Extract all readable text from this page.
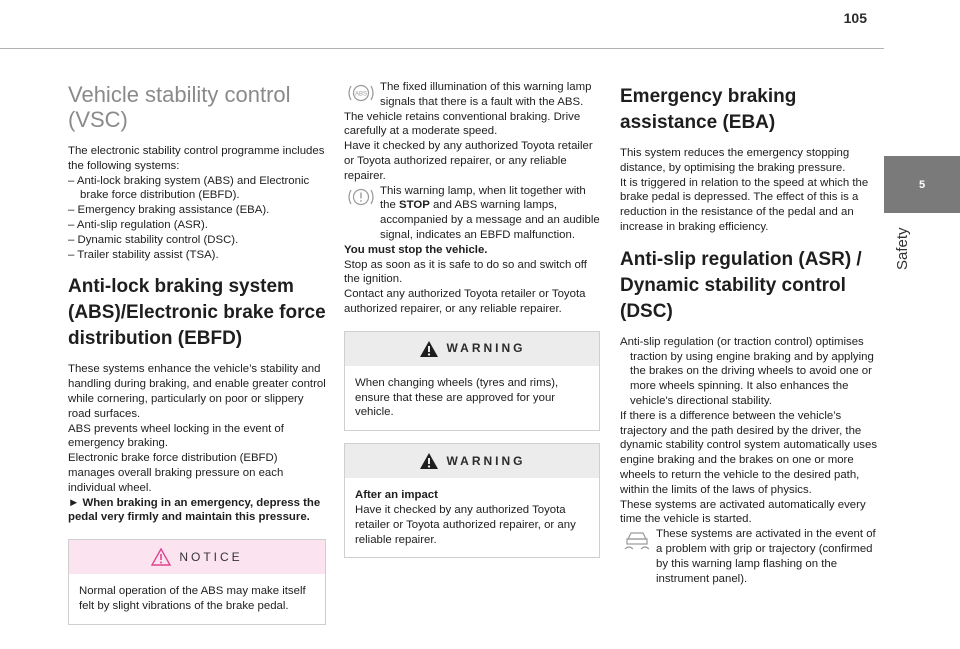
105
5
Safety
Vehicle stability control
(VSC)

The electronic stability control programme includes the following systems:

– Anti-lock braking system (ABS) and Electronic brake force distribution (EBFD).

– Emergency braking assistance (EBA).

– Anti-slip regulation (ASR).

– Dynamic stability control (DSC).

– Trailer stability assist (TSA).

Anti-lock braking system (ABS)/Electronic brake force distribution (EBFD)

These systems enhance the vehicle’s stability and handling during braking, and enable greater control while cornering, particularly on poor or slippery road surfaces.

ABS prevents wheel locking in the event of emergency braking.

Electronic brake force distribution (EBFD) manages overall braking pressure on each individual wheel.

► When braking in an emergency, depress the pedal very firmly and maintain this pressure.

NOTICE
Normal operation of the ABS may make itself felt by slight vibrations of the brake pedal.
ABS

The fixed illumination of this warning lamp signals that there is a fault with the ABS.

The vehicle retains conventional braking. Drive carefully at a moderate speed.

Have it checked by any authorized Toyota retailer or Toyota authorized repairer, or any reliable repairer.

This warning lamp, when lit together with the STOP and ABS warning lamps, accompanied by a message and an audible signal, indicates an EBFD malfunction.

You must stop the vehicle.

Stop as soon as it is safe to do so and switch off the ignition.

Contact any authorized Toyota retailer or Toyota authorized repairer, or any reliable repairer.

WARNING
When changing wheels (tyres and rims), ensure that these are approved for your vehicle.
WARNING
After an impact
Have it checked by any authorized Toyota retailer or Toyota authorized repairer, or any reliable repairer.
Emergency braking assistance (EBA)

This system reduces the emergency stopping distance, by optimising the braking pressure.

It is triggered in relation to the speed at which the brake pedal is depressed. The effect of this is a reduction in the resistance of the pedal and an increase in braking efficiency.

Anti-slip regulation (ASR) / Dynamic stability control (DSC)

Anti-slip regulation (or traction control) optimises traction by using engine braking and by applying the brakes on the driving wheels to avoid one or more wheels spinning. It also enhances the vehicle's directional stability.

If there is a difference between the vehicle’s trajectory and the path desired by the driver, the dynamic stability control system automatically uses engine braking and the brakes on one or more wheels to return the vehicle to the desired path, within the limits of the laws of physics.

These systems are activated automatically every time the vehicle is started.

These systems are activated in the event of a problem with grip or trajectory (confirmed by this warning lamp flashing on the instrument panel).
